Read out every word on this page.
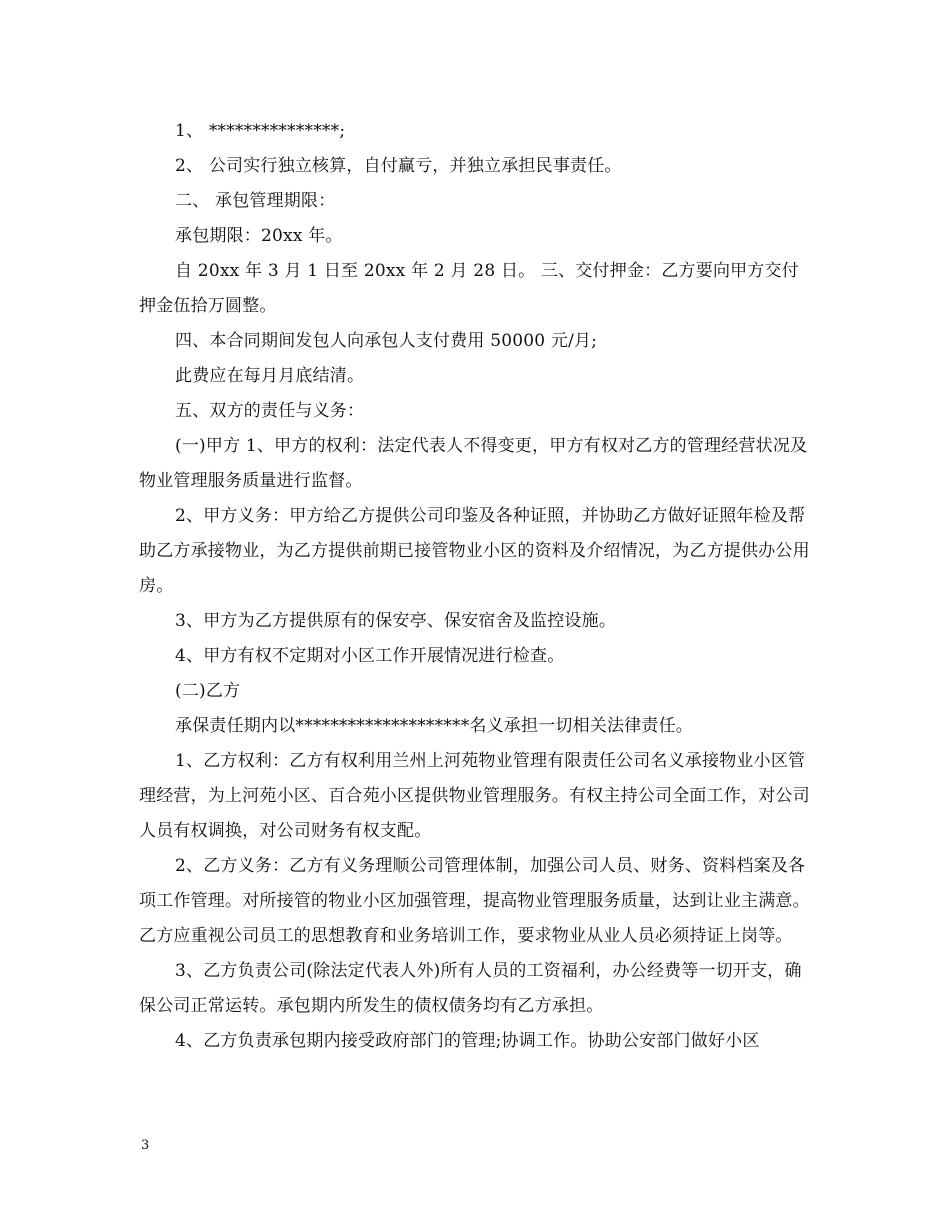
1、 ***************;

2、 公司实行独立核算，自付赢亏，并独立承担民事责任。

二、 承包管理期限：

承包期限：20xx 年。

自 20xx 年 3 月 1 日至 20xx 年 2 月 28 日。 三、交付押金：乙方要向甲方交付押金伍拾万圆整。

四、本合同期间发包人向承包人支付费用 50000 元/月;

此费应在每月月底结清。

五、双方的责任与义务：

(一)甲方 1、甲方的权利：法定代表人不得变更，甲方有权对乙方的管理经营状况及物业管理服务质量进行监督。

2、甲方义务：甲方给乙方提供公司印鉴及各种证照，并协助乙方做好证照年检及帮助乙方承接物业，为乙方提供前期已接管物业小区的资料及介绍情况，为乙方提供办公用房。

3、甲方为乙方提供原有的保安亭、保安宿舍及监控设施。

4、甲方有权不定期对小区工作开展情况进行检查。

(二)乙方

承保责任期内以********************名义承担一切相关法律责任。

1、乙方权利：乙方有权利用兰州上河苑物业管理有限责任公司名义承接物业小区管理经营，为上河苑小区、百合苑小区提供物业管理服务。有权主持公司全面工作，对公司人员有权调换，对公司财务有权支配。

2、乙方义务：乙方有义务理顺公司管理体制，加强公司人员、财务、资料档案及各项工作管理。对所接管的物业小区加强管理，提高物业管理服务质量，达到让业主满意。乙方应重视公司员工的思想教育和业务培训工作，要求物业从业人员必须持证上岗等。

3、乙方负责公司(除法定代表人外)所有人员的工资福利，办公经费等一切开支，确保公司正常运转。承包期内所发生的债权债务均有乙方承担。

4、乙方负责承包期内接受政府部门的管理;协调工作。协助公安部门做好小区

3
